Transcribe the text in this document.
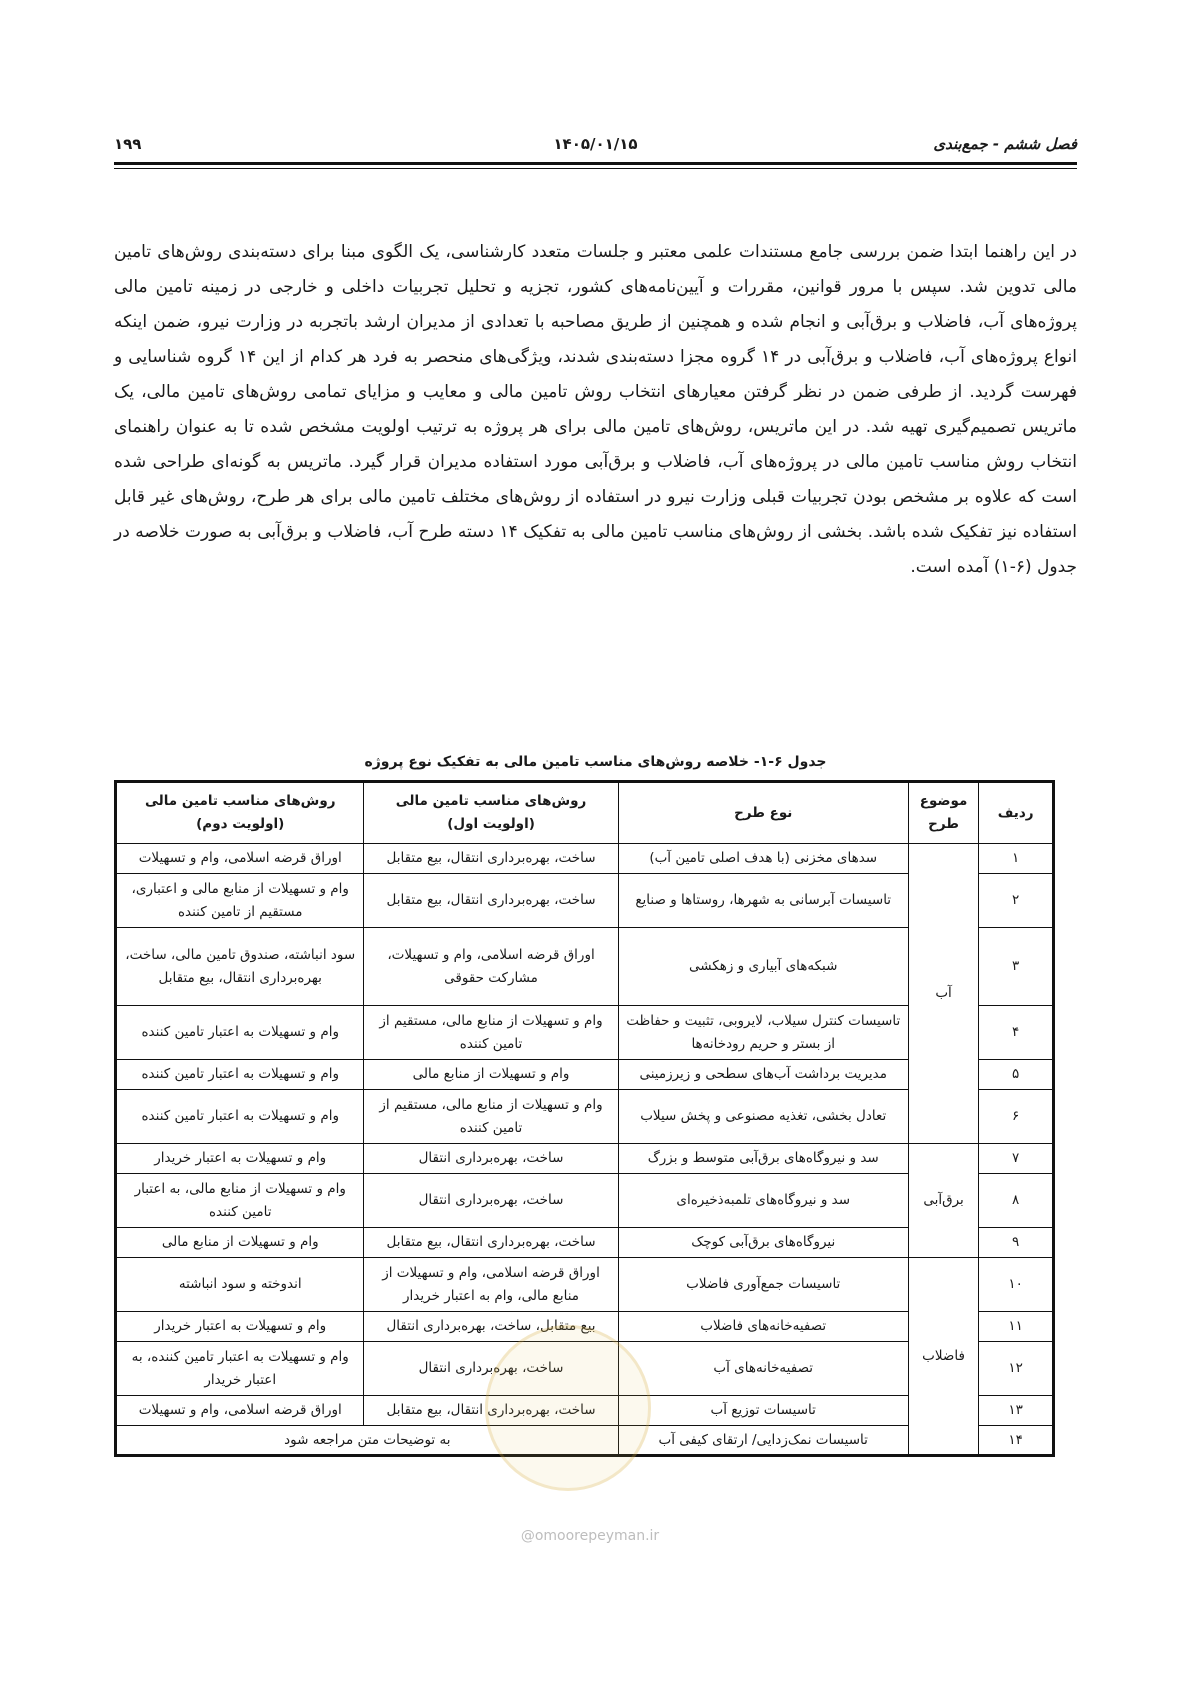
۱۹۹	۱۴۰۵/۰۱/۱۵	فصل ششم - جمع‌بندی

در این راهنما ابتدا ضمن بررسی جامع مستندات علمی معتبر و جلسات متعدد کارشناسی، یک الگوی مبنا برای دسته‌بندی روش‌های تامین مالی تدوین شد. سپس با مرور قوانین، مقررات و آیین‌نامه‌های کشور، تجزیه و تحلیل تجربیات داخلی و خارجی در زمینه تامین مالی پروژه‌های آب، فاضلاب و برق‌آبی و انجام شده و همچنین از طریق مصاحبه با تعدادی از مدیران ارشد باتجربه در وزارت نیرو، ضمن اینکه انواع پروژه‌های آب، فاضلاب و برق‌آبی در ۱۴ گروه مجزا دسته‌بندی شدند، ویژگی‌های منحصر به فرد هر کدام از این ۱۴ گروه شناسایی و فهرست گردید. از طرفی ضمن در نظر گرفتن معیارهای انتخاب روش تامین مالی و معایب و مزایای تمامی روش‌های تامین مالی، یک ماتریس تصمیم‌گیری تهیه شد. در این ماتریس، روش‌های تامین مالی برای هر پروژه به ترتیب اولویت مشخص شده تا به عنوان راهنمای انتخاب روش مناسب تامین مالی در پروژه‌های آب، فاضلاب و برق‌آبی مورد استفاده مدیران قرار گیرد. ماتریس به گونه‌ای طراحی شده است که علاوه بر مشخص بودن تجربیات قبلی وزارت نیرو در استفاده از روش‌های مختلف تامین مالی برای هر طرح، روش‌های غیر قابل استفاده نیز تفکیک شده باشد. بخشی از روش‌های مناسب تامین مالی به تفکیک ۱۴ دسته طرح آب، فاضلاب و برق‌آبی به صورت خلاصه در جدول (۶-۱) آمده است.

جدول ۶-۱- خلاصه روش‌های مناسب تامین مالی به تفکیک نوع پروژه
ردیف	موضوع طرح	نوع طرح	روش‌های مناسب تامین مالی (اولویت اول)	روش‌های مناسب تامین مالی (اولویت دوم)
۱	آب	سدهای مخزنی (با هدف اصلی تامین آب)	ساخت، بهره‌برداری انتقال، بیع متقابل	اوراق قرضه اسلامی، وام و تسهیلات
۲		تاسیسات آبرسانی به شهرها، روستاها و صنایع	ساخت، بهره‌برداری انتقال، بیع متقابل	وام و تسهیلات از منابع مالی و اعتباری، مستقیم از تامین کننده
۳		شبکه‌های آبیاری و زهکشی	اوراق قرضه اسلامی، وام و تسهیلات، مشارکت حقوقی	سود انباشته، صندوق تامین مالی، ساخت، بهره‌برداری انتقال، بیع متقابل
۴		تاسیسات کنترل سیلاب، لایروبی، تثبیت و حفاظت از بستر و حریم رودخانه‌ها	وام و تسهیلات از منابع مالی، مستقیم از تامین کننده	وام و تسهیلات به اعتبار تامین کننده
۵		مدیریت برداشت آب‌های سطحی و زیرزمینی	وام و تسهیلات از منابع مالی	وام و تسهیلات به اعتبار تامین کننده
۶		تعادل بخشی، تغذیه مصنوعی و پخش سیلاب	وام و تسهیلات از منابع مالی، مستقیم از تامین کننده	وام و تسهیلات به اعتبار تامین کننده
۷	برق‌آبی	سد و نیروگاه‌های برق‌آبی متوسط و بزرگ	ساخت، بهره‌برداری انتقال	وام و تسهیلات به اعتبار خریدار
۸		سد و نیروگاه‌های تلمبه‌ذخیره‌ای	ساخت، بهره‌برداری انتقال	وام و تسهیلات از منابع مالی، به اعتبار تامین کننده
۹		نیروگاه‌های برق‌آبی کوچک	ساخت، بهره‌برداری انتقال، بیع متقابل	وام و تسهیلات از منابع مالی
۱۰	فاضلاب	تاسیسات جمع‌آوری فاضلاب	اوراق قرضه اسلامی، وام و تسهیلات از منابع مالی، وام به اعتبار خریدار	اندوخته و سود انباشته
۱۱		تصفیه‌خانه‌های فاضلاب	بیع متقابل، ساخت، بهره‌برداری انتقال	وام و تسهیلات به اعتبار خریدار
۱۲		تصفیه‌خانه‌های آب	ساخت، بهره‌برداری انتقال	وام و تسهیلات به اعتبار تامین کننده، به اعتبار خریدار
۱۳		تاسیسات توزیع آب	ساخت، بهره‌برداری انتقال، بیع متقابل	اوراق قرضه اسلامی، وام و تسهیلات
۱۴		تاسیسات نمک‌زدایی/ ارتقای کیفی آب	به توضیحات متن مراجعه شود	
@omoorepeyman.ir
